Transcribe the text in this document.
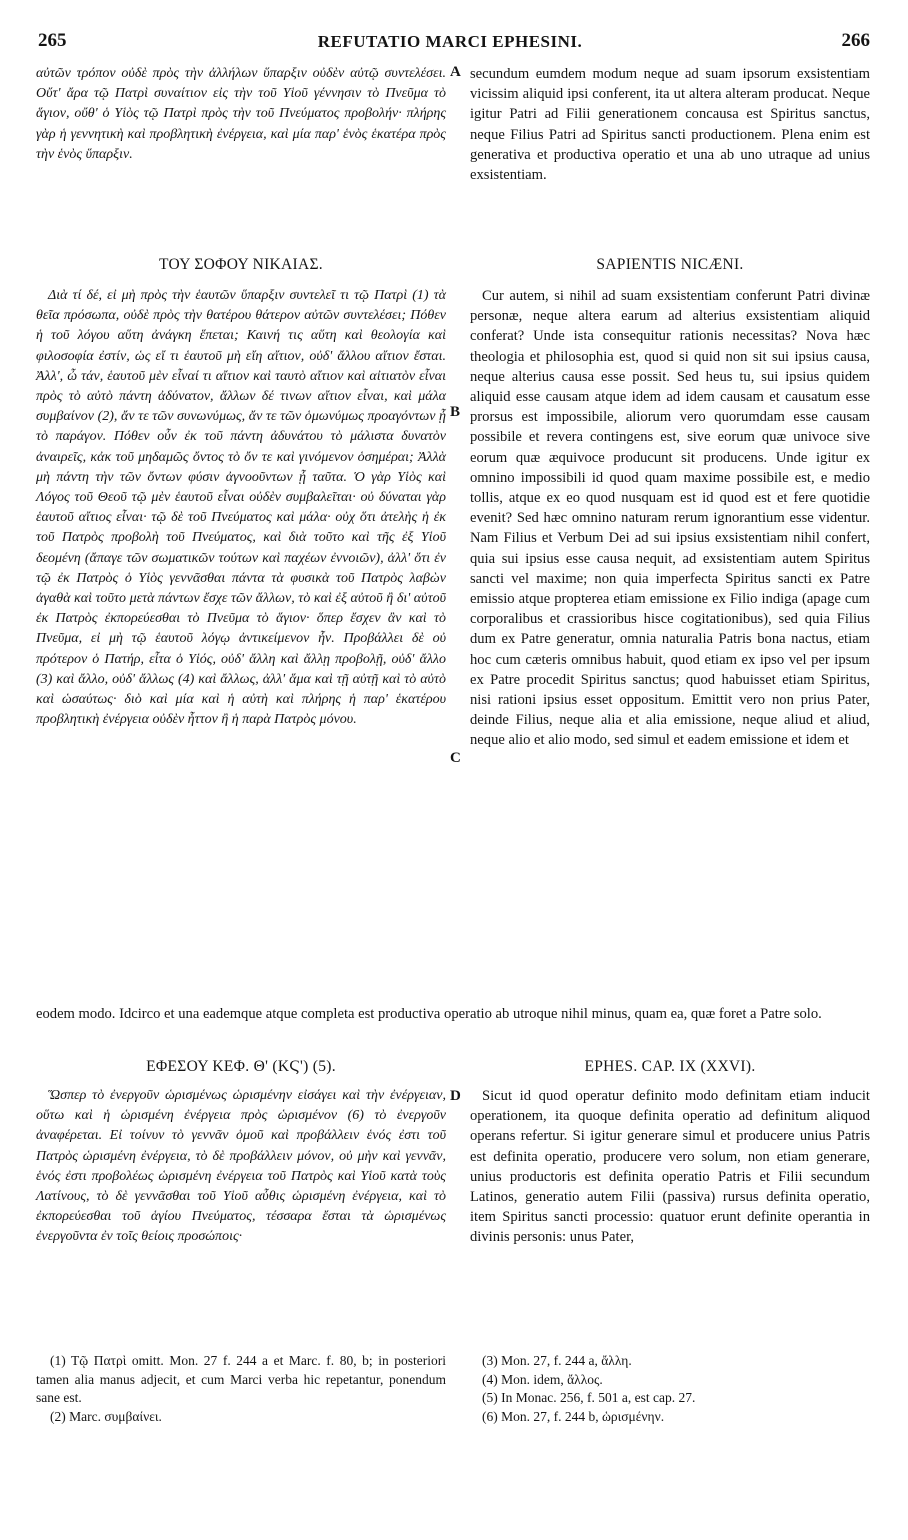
265	REFUTATIO MARCI EPHESINI.	266

αὐτῶν τρόπον οὐδὲ πρὸς τὴν ἀλλήλων ὕπαρξιν οὐδὲν αὐτῷ συντελέσει. Οὔτ' ἄρα τῷ Πατρὶ συναίτιον εἰς τὴν τοῦ Υἱοῦ γέννησιν τὸ Πνεῦμα τὸ ἅγιον, οὔθ' ὁ Υἱὸς τῷ Πατρὶ πρὸς τὴν τοῦ Πνεύματος προβολήν· πλήρης γὰρ ἡ γεννητικὴ καὶ προβλητικὴ ἐνέργεια, καὶ μία παρ' ἑνὸς ἑκατέρα πρὸς τὴν ἑνὸς ὕπαρξιν.

secundum eumdem modum neque ad suam ipsorum exsistentiam vicissim aliquid ipsi conferent, ita ut altera alteram producat. Neque igitur Patri ad Filii generationem concausa est Spiritus sanctus, neque Filius Patri ad Spiritus sancti productionem. Plena enim est generativa et productiva operatio et una ab uno utraque ad unius exsistentiam.

A
ΤΟΥ ΣΟΦΟΥ ΝΙΚΑΙΑΣ.	SAPIENTIS NICÆNI.

Διὰ τί δέ, εἰ μὴ πρὸς τὴν ἑαυτῶν ὕπαρξιν συντελεῖ τι τῷ Πατρὶ (1) τὰ θεῖα πρόσωπα, οὐδὲ πρὸς τὴν θατέρου θάτερον αὐτῶν συντελέσει; Πόθεν ἡ τοῦ λόγου αὕτη ἀνάγκη ἕπεται; Καινή τις αὕτη καὶ θεολογία καὶ φιλοσοφία ἐστίν, ὡς εἴ τι ἑαυτοῦ μὴ εἴη αἴτιον, οὐδ' ἄλλου αἴτιον ἔσται. Ἀλλ', ὦ τάν, ἑαυτοῦ μὲν εἶναί τι αἴτιον καὶ ταυτὸ αἴτιον καὶ αἰτιατὸν εἶναι πρὸς τὸ αὐτὸ πάντη ἀδύνατον, ἄλλων δέ τινων αἴτιον εἶναι, καὶ μάλα συμβαίνον (2), ἄν τε τῶν συνωνύμως, ἄν τε τῶν ὁμωνύμως προαγόντων ᾖ τὸ παράγον. Πόθεν οὖν ἐκ τοῦ πάντη ἀδυνάτου τὸ μάλιστα δυνατὸν ἀναιρεῖς, κἀκ τοῦ μηδαμῶς ὄντος τὸ ὄν τε καὶ γινόμενον ὁσημέραι; Ἀλλὰ μὴ πάντη τὴν τῶν ὄντων φύσιν ἀγνοοῦντων ᾖ ταῦτα. Ὁ γὰρ Υἱὸς καὶ Λόγος τοῦ Θεοῦ τῷ μὲν ἑαυτοῦ εἶναι οὐδὲν συμβαλεῖται· οὐ δύναται γὰρ ἑαυτοῦ αἴτιος εἶναι· τῷ δὲ τοῦ Πνεύματος καὶ μάλα· οὐχ ὅτι ἀτελὴς ἡ ἐκ τοῦ Πατρὸς προβολὴ τοῦ Πνεύματος, καὶ διὰ τοῦτο καὶ τῆς ἐξ Υἱοῦ δεομένη (ἄπαγε τῶν σωματικῶν τούτων καὶ παχέων ἐννοιῶν), ἀλλ' ὅτι ἐν τῷ ἐκ Πατρὸς ὁ Υἱὸς γεννᾶσθαι πάντα τὰ φυσικὰ τοῦ Πατρὸς λαβὼν ἀγαθὰ καὶ τοῦτο μετὰ πάντων ἔσχε τῶν ἄλλων, τὸ καὶ ἐξ αὐτοῦ ἢ δι' αὐτοῦ ἐκ Πατρὸς ἐκπορεύεσθαι τὸ Πνεῦμα τὸ ἅγιον· ὅπερ ἔσχεν ἂν καὶ τὸ Πνεῦμα, εἰ μὴ τῷ ἑαυτοῦ λόγῳ ἀντικείμενον ἦν. Προβάλλει δὲ οὐ πρότερον ὁ Πατήρ, εἶτα ὁ Υἱός, οὐδ' ἄλλη καὶ ἄλλῃ προβολῇ, οὐδ' ἄλλο (3) καὶ ἄλλο, οὐδ' ἄλλως (4) καὶ ἄλλως, ἀλλ' ἅμα καὶ τῇ αὐτῇ καὶ τὸ αὐτὸ καὶ ὡσαύτως· διὸ καὶ μία καὶ ἡ αὐτὴ καὶ πλήρης ἡ παρ' ἑκατέρου προβλητικὴ ἐνέργεια οὐδὲν ἧττον ἢ ἡ παρὰ Πατρὸς μόνου.

Cur autem, si nihil ad suam exsistentiam conferunt Patri divinæ personæ, neque altera earum ad alterius exsistentiam aliquid conferat? Unde ista consequitur rationis necessitas? Nova hæc theologia et philosophia est, quod si quid non sit sui ipsius causa, neque alterius causa esse possit. Sed heus tu, sui ipsius quidem aliquid esse causam atque idem ad idem causam et causatum esse prorsus est impossibile, aliorum vero quorumdam esse causam possibile et revera contingens est, sive eorum quæ univoce sive eorum quæ æquivoce producunt sit producens. Unde igitur ex omnino impossibili id quod quam maxime possibile est, e medio tollis, atque ex eo quod nusquam est id quod est et fere quotidie evenit? Sed hæc omnino naturam rerum ignorantium esse videntur. Nam Filius et Verbum Dei ad sui ipsius exsistentiam nihil confert, quia sui ipsius esse causa nequit, ad exsistentiam autem Spiritus sancti vel maxime; non quia imperfecta Spiritus sancti ex Patre emissio atque propterea etiam emissione ex Filio indiga (apage cum corporalibus et crassioribus hisce cogitationibus), sed quia Filius dum ex Patre generatur, omnia naturalia Patris bona nactus, etiam hoc cum cæteris omnibus habuit, quod etiam ex ipso vel per ipsum ex Patre procedit Spiritus sanctus; quod habuisset etiam Spiritus, nisi rationi ipsius esset oppositum. Emittit vero non prius Pater, deinde Filius, neque alia et alia emissione, neque aliud et aliud, neque alio et alio modo, sed simul et eadem emissione et idem et

B
C
eodem modo. Idcirco et una eademque atque completa est productiva operatio ab utroque nihil minus, quam ea, quæ foret a Patre solo.
ΕΦΕΣΟΥ ΚΕΦ. Θ' (ΚϚ') (5).	EPHES. CAP. IX (XXVI).

Ὥσπερ τὸ ἐνεργοῦν ὡρισμένως ὡρισμένην εἰσάγει καὶ τὴν ἐνέργειαν, οὕτω καὶ ἡ ὡρισμένη ἐνέργεια πρὸς ὡρισμένον (6) τὸ ἐνεργοῦν ἀναφέρεται. Εἰ τοίνυν τὸ γεννᾶν ὁμοῦ καὶ προβάλλειν ἑνός ἐστι τοῦ Πατρὸς ὡρισμένη ἐνέργεια, τὸ δὲ προβάλλειν μόνον, οὐ μὴν καὶ γεννᾶν, ἑνός ἐστι προβολέως ὡρισμένη ἐνέργεια τοῦ Πατρὸς καὶ Υἱοῦ κατὰ τοὺς Λατίνους, τὸ δὲ γεννᾶσθαι τοῦ Υἱοῦ αὖθις ὡρισμένη ἐνέργεια, καὶ τὸ ἐκπορεύεσθαι τοῦ ἁγίου Πνεύματος, τέσσαρα ἔσται τὰ ὡρισμένως ἐνεργοῦντα ἐν τοῖς θείοις προσώποις·

Sicut id quod operatur definito modo definitam etiam inducit operationem, ita quoque definita operatio ad definitum aliquod operans refertur. Si igitur generare simul et producere unius Patris est definita operatio, producere vero solum, non etiam generare, unius productoris est definita operatio Patris et Filii secundum Latinos, generatio autem Filii (passiva) rursus definita operatio, item Spiritus sancti processio: quatuor erunt definite operantia in divinis personis: unus Pater,

D

(1) Τῷ Πατρὶ omitt. Mon. 27 f. 244 a et Marc. f. 80, b; in posteriori tamen alia manus adjecit, et cum Marci verba hic repetantur, ponendum sane est.

(2) Marc. συμβαίνει.

(3) Mon. 27, f. 244 a, ἄλλη.

(4) Mon. idem, ἄλλος.

(5) In Monac. 256, f. 501 a, est cap. 27.

(6) Mon. 27, f. 244 b, ὡρισμένην.
